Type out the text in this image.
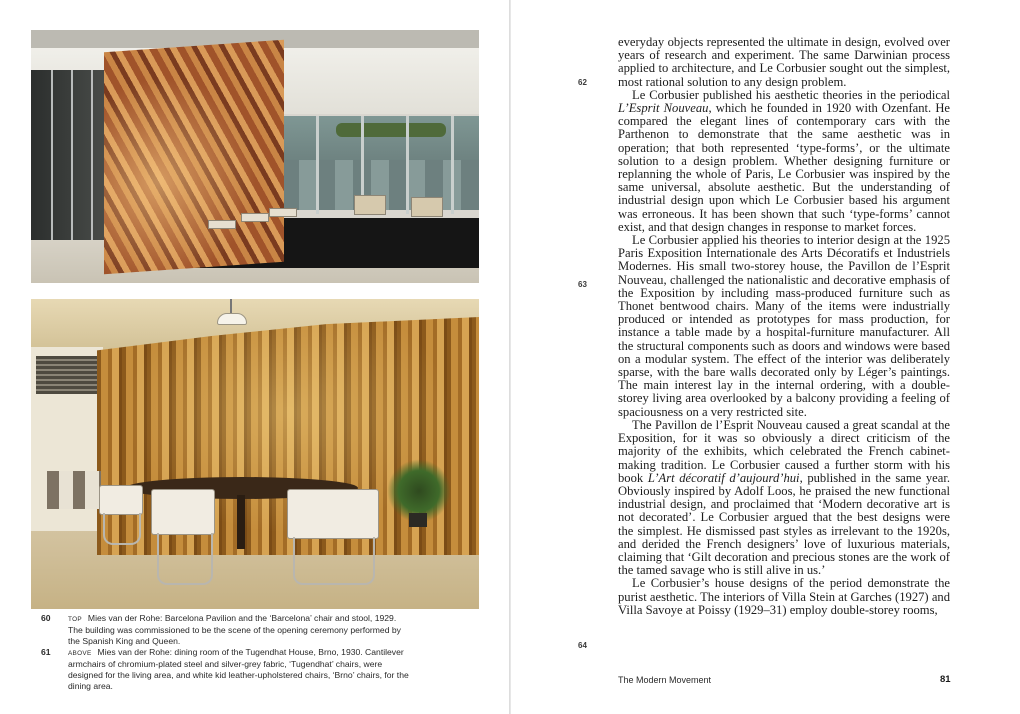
60	TOP Mies van der Rohe: Barcelona Pavilion and the ‘Barcelona’ chair and stool, 1929. The building was commissioned to be the scene of the opening ceremony performed by the Spanish King and Queen.
61	ABOVE Mies van der Rohe: dining room of the Tugendhat House, Brno, 1930. Cantilever armchairs of chromium-plated steel and silver-grey fabric, ‘Tugendhat’ chairs, were designed for the living area, and white kid leather-upholstered chairs, ‘Brno’ chairs, for the dining area.
62
63
64

everyday objects represented the ultimate in design, evolved over years of research and experiment. The same Darwinian process applied to architecture, and Le Corbusier sought out the simplest, most rational solution to any design problem.

Le Corbusier published his aesthetic theories in the periodical L’Esprit Nouveau, which he founded in 1920 with Ozenfant. He compared the elegant lines of contemporary cars with the Parthenon to demonstrate that the same aesthetic was in operation; that both represented ‘type-forms’, or the ultimate solution to a design problem. Whether designing furniture or replanning the whole of Paris, Le Corbusier was inspired by the same universal, absolute aesthetic. But the understanding of industrial design upon which Le Corbusier based his argument was erroneous. It has been shown that such ‘type-forms’ cannot exist, and that design changes in response to market forces.

Le Corbusier applied his theories to interior design at the 1925 Paris Exposition Internationale des Arts Décoratifs et Industriels Modernes. His small two-storey house, the Pavillon de l’Esprit Nouveau, challenged the nationalistic and decorative emphasis of the Exposition by including mass-produced furniture such as Thonet bentwood chairs. Many of the items were industrially produced or intended as prototypes for mass production, for instance a table made by a hospital-furniture manufacturer. All the structural components such as doors and windows were based on a modular system. The effect of the interior was deliberately sparse, with the bare walls decorated only by Léger’s paintings. The main interest lay in the internal ordering, with a double-storey living area overlooked by a balcony providing a feeling of spaciousness on a very restricted site.

The Pavillon de l’Esprit Nouveau caused a great scandal at the Exposition, for it was so obviously a direct criticism of the majority of the exhibits, which celebrated the French cabinet-making tradition. Le Corbusier caused a further storm with his book L’Art décoratif d’aujourd’hui, published in the same year. Obviously inspired by Adolf Loos, he praised the new functional industrial design, and proclaimed that ‘Modern decorative art is not decorated’. Le Corbusier argued that the best designs were the simplest. He dismissed past styles as irrelevant to the 1920s, and derided the French designers’ love of luxurious materials, claiming that ‘Gilt decoration and precious stones are the work of the tamed savage who is still alive in us.’

Le Corbusier’s house designs of the period demonstrate the purist aesthetic. The interiors of Villa Stein at Garches (1927) and Villa Savoye at Poissy (1929–31) employ double-storey rooms,

The Modern Movement	81
